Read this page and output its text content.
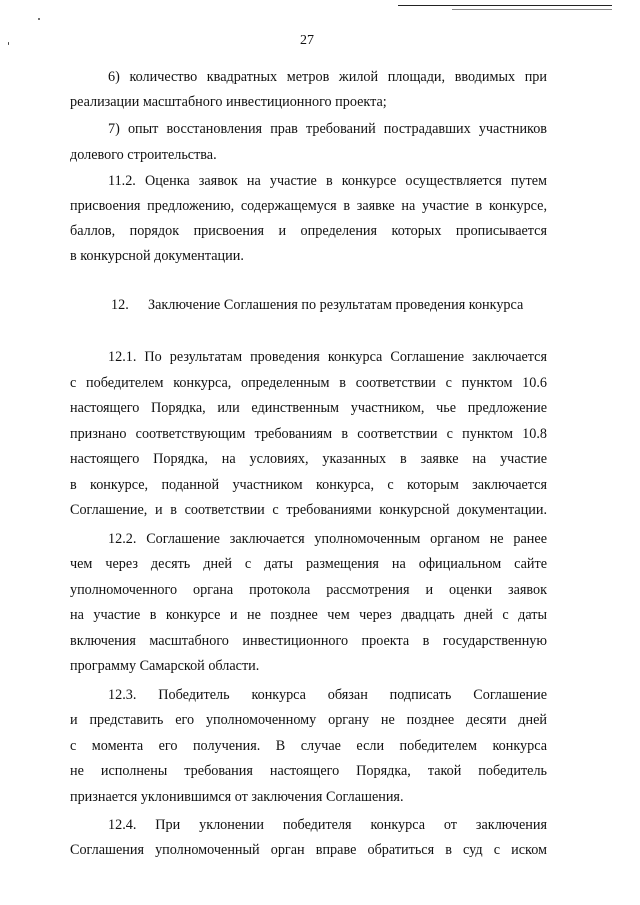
27
6) количество квадратных метров жилой площади, вводимых при
реализации масштабного инвестиционного проекта;
7) опыт восстановления прав требований пострадавших участников
долевого строительства.
11.2. Оценка заявок на участие в конкурсе осуществляется путем
присвоения предложению, содержащемуся в заявке на участие в конкурсе,
баллов, порядок присвоения и определения которых прописывается
в конкурсной документации.
12. Заключение Соглашения по результатам проведения конкурса
12.1. По результатам проведения конкурса Соглашение заключается
с победителем конкурса, определенным в соответствии с пунктом 10.6
настоящего Порядка, или единственным участником, чье предложение
признано соответствующим требованиям в соответствии с пунктом 10.8
настоящего Порядка, на условиях, указанных в заявке на участие
в конкурсе, поданной участником конкурса, с которым заключается
Соглашение, и в соответствии с требованиями конкурсной документации.
12.2. Соглашение заключается уполномоченным органом не ранее
чем через десять дней с даты размещения на официальном сайте
уполномоченного органа протокола рассмотрения и оценки заявок
на участие в конкурсе и не позднее чем через двадцать дней с даты
включения масштабного инвестиционного проекта в государственную
программу Самарской области.
12.3. Победитель конкурса обязан подписать Соглашение
и представить его уполномоченному органу не позднее десяти дней
с момента его получения. В случае если победителем конкурса
не исполнены требования настоящего Порядка, такой победитель
признается уклонившимся от заключения Соглашения.
12.4. При уклонении победителя конкурса от заключения
Соглашения уполномоченный орган вправе обратиться в суд с иском
